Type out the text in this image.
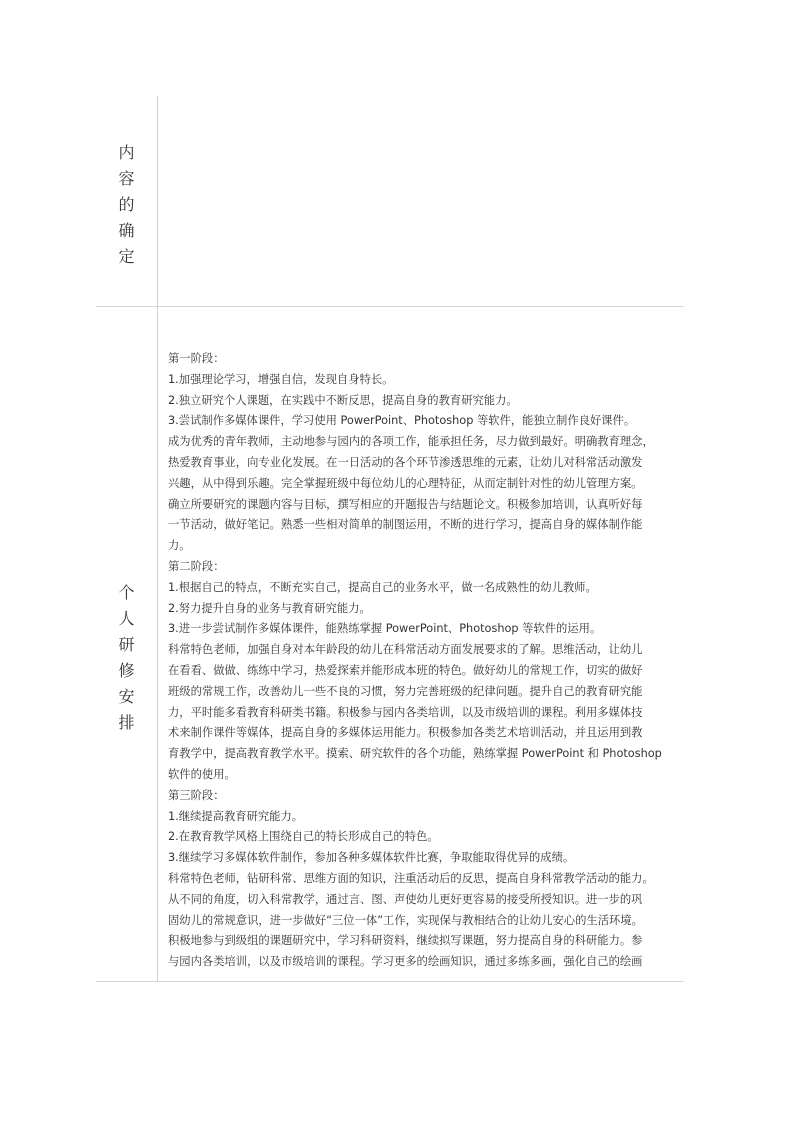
内
容
的
确
定
个
人
研
修
安
排

第一阶段：

1.加强理论学习，增强自信，发现自身特长。

2.独立研究个人课题，在实践中不断反思，提高自身的教育研究能力。

3.尝试制作多媒体课件，学习使用 PowerPoint、Photoshop 等软件，能独立制作良好课件。

成为优秀的青年教师，主动地参与园内的各项工作，能承担任务，尽力做到最好。明确教育理念，

热爱教育事业，向专业化发展。在一日活动的各个环节渗透思维的元素，让幼儿对科常活动激发

兴趣，从中得到乐趣。完全掌握班级中每位幼儿的心理特征，从而定制针对性的幼儿管理方案。

确立所要研究的课题内容与目标，撰写相应的开题报告与结题论文。积极参加培训，认真听好每

一节活动，做好笔记。熟悉一些相对简单的制图运用，不断的进行学习，提高自身的媒体制作能

力。

第二阶段：

1.根据自己的特点，不断充实自己，提高自己的业务水平，做一名成熟性的幼儿教师。

2.努力提升自身的业务与教育研究能力。

3.进一步尝试制作多媒体课件，能熟练掌握 PowerPoint、Photoshop 等软件的运用。

科常特色老师，加强自身对本年龄段的幼儿在科常活动方面发展要求的了解。思维活动，让幼儿

在看看、做做、练练中学习，热爱探索并能形成本班的特色。做好幼儿的常规工作，切实的做好

班级的常规工作，改善幼儿一些不良的习惯，努力完善班级的纪律问题。提升自己的教育研究能

力，平时能多看教育科研类书籍。积极参与园内各类培训，以及市级培训的课程。利用多媒体技

术来制作课件等媒体，提高自身的多媒体运用能力。积极参加各类艺术培训活动，并且运用到教

育教学中，提高教育教学水平。摸索、研究软件的各个功能，熟练掌握 PowerPoint 和 Photoshop

软件的使用。

第三阶段：

1.继续提高教育研究能力。

2.在教育教学风格上围绕自己的特长形成自己的特色。

3.继续学习多媒体软件制作，参加各种多媒体软件比赛，争取能取得优异的成绩。

科常特色老师，钻研科常、思维方面的知识，注重活动后的反思，提高自身科常教学活动的能力。

从不同的角度，切入科常教学，通过言、图、声使幼儿更好更容易的接受所授知识。进一步的巩

固幼儿的常规意识，进一步做好“三位一体”工作，实现保与教相结合的让幼儿安心的生活环境。

积极地参与到级组的课题研究中，学习科研资料，继续拟写课题，努力提高自身的科研能力。参

与园内各类培训，以及市级培训的课程。学习更多的绘画知识，通过多练多画，强化自己的绘画
